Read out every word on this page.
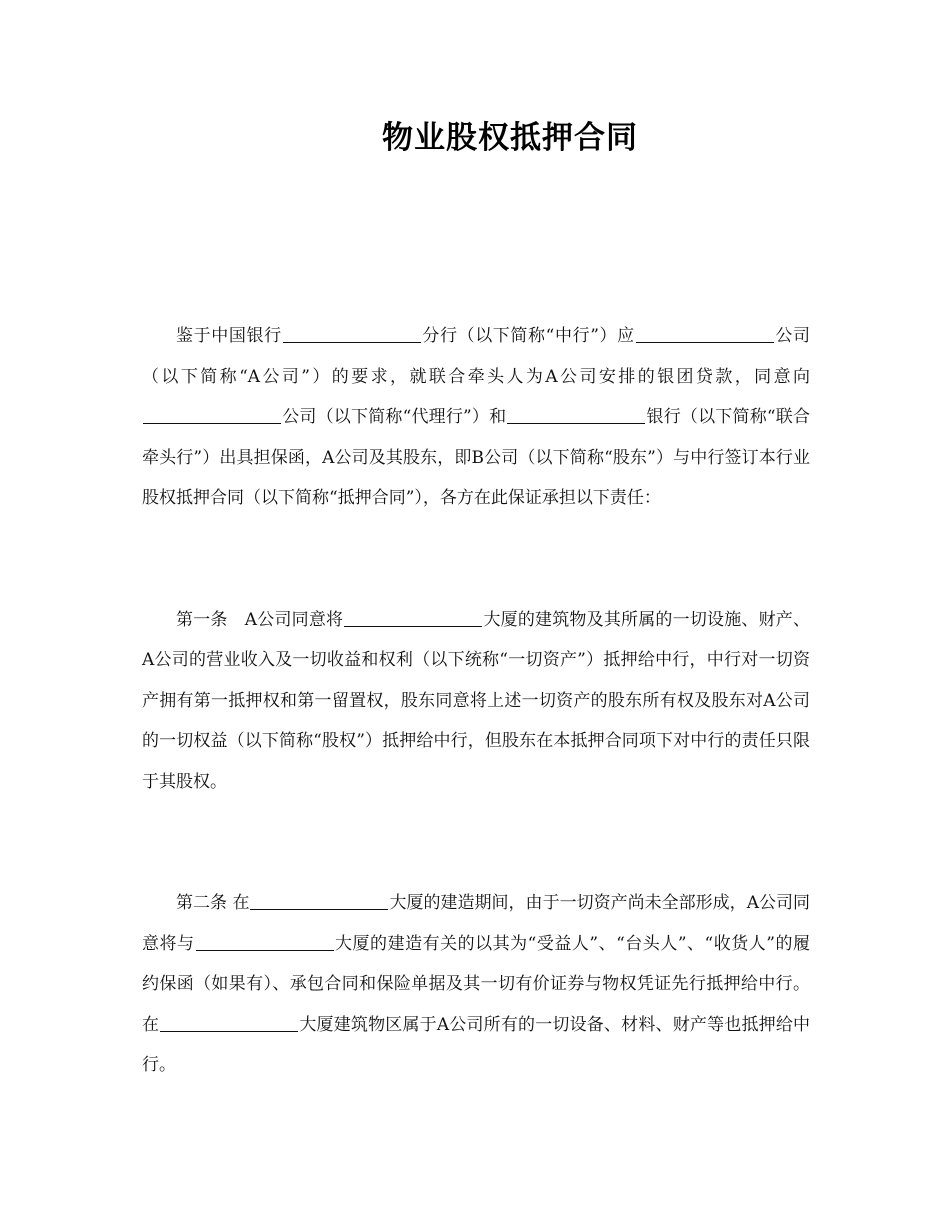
物业股权抵押合同

鉴于中国银行	分行（以下简称“中行”）应	公司（以下简称“A公司”）的要求，就联合牵头人为A公司安排的银团贷款，同意向公司（以下简称“代理行”）和	银行（以下简称“联合牵头行”）出具担保函，A公司及其股东，即B公司（以下简称“股东”）与中行签订本行业股权抵押合同（以下简称“抵押合同”），各方在此保证承担以下责任：

第一条　A公司同意将	大厦的建筑物及其所属的一切设施、财产、A公司的营业收入及一切收益和权利（以下统称“一切资产”）抵押给中行，中行对一切资产拥有第一抵押权和第一留置权，股东同意将上述一切资产的股东所有权及股东对A公司的一切权益（以下简称“股权”）抵押给中行，但股东在本抵押合同项下对中行的责任只限于其股权。

第二条 在	大厦的建造期间，由于一切资产尚未全部形成，A公司同意将与	大厦的建造有关的以其为“受益人”、“台头人”、“收货人”的履约保函（如果有）、承包合同和保险单据及其一切有价证券与物权凭证先行抵押给中行。在	大厦建筑物区属于A公司所有的一切设备、材料、财产等也抵押给中行。
